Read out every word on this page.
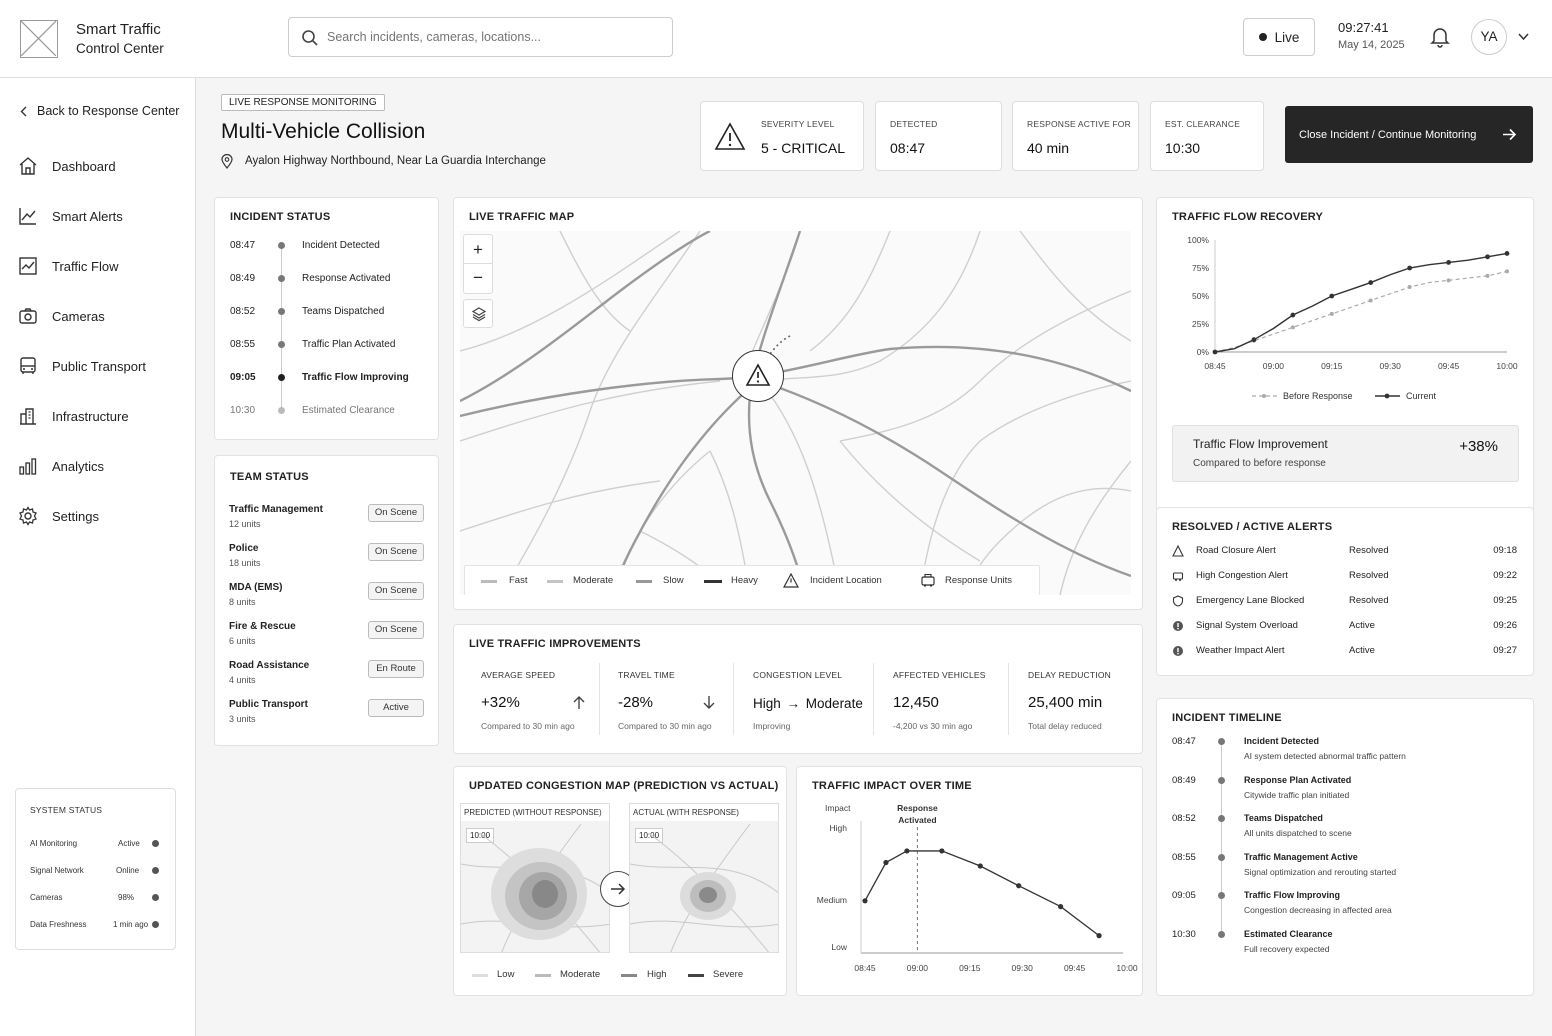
Smart Traffic
Control Center
Search incidents, cameras, locations...
Live
09:27:41
May 14, 2025
YA
Back to Response Center
Dashboard
Smart Alerts
Traffic Flow
Cameras
Public Transport
Infrastructure
Analytics
Settings
SYSTEM STATUS
AI Monitoring	Active
Signal Network	Online
Cameras	98%
Data Freshness	1 min ago
LIVE RESPONSE MONITORING
Multi-Vehicle Collision
Ayalon Highway Northbound, Near La Guardia Interchange
SEVERITY LEVEL
5 - CRITICAL
DETECTED
08:47
RESPONSE ACTIVE FOR
40 min
EST. CLEARANCE
10:30
Close Incident / Continue Monitoring
INCIDENT STATUS
08:47	Incident Detected
08:49	Response Activated
08:52	Teams Dispatched
08:55	Traffic Plan Activated
09:05	Traffic Flow Improving
10:30	Estimated Clearance
TEAM STATUS
Traffic Management
12 units
On Scene
Police
18 units
On Scene
MDA (EMS)
8 units
On Scene
Fire & Rescue
6 units
On Scene
Road Assistance
4 units
En Route
Public Transport
3 units
Active
LIVE TRAFFIC MAP
+
−
Fast	Moderate	Slow	Heavy	Incident Location	Response Units
LIVE TRAFFIC IMPROVEMENTS
AVERAGE SPEED
+32%
Compared to 30 min ago
TRAVEL TIME
-28%
Compared to 30 min ago
CONGESTION LEVEL
High → Moderate
Improving
AFFECTED VEHICLES
12,450
-4,200 vs 30 min ago
DELAY REDUCTION
25,400 min
Total delay reduced
UPDATED CONGESTION MAP (PREDICTION VS ACTUAL)
PREDICTED (WITHOUT RESPONSE)
10:00
ACTUAL (WITH RESPONSE)
10:00
Low	Moderate	High	Severe
TRAFFIC IMPACT OVER TIME
Impact
Low
Medium
High
08:45	09:00	09:15	09:30	09:45	10:00
Response
Activated
TRAFFIC FLOW RECOVERY
0%
25%
50%
75%
100%
08:45	09:00	09:15	09:30	09:45	10:00
Before Response	Current
Traffic Flow Improvement
Compared to before response
+38%
RESOLVED / ACTIVE ALERTS
Road Closure Alert	Resolved	09:18
High Congestion Alert	Resolved	09:22
Emergency Lane Blocked	Resolved	09:25
Signal System Overload	Active	09:26
Weather Impact Alert	Active	09:27
INCIDENT TIMELINE
08:47	Incident Detected
AI system detected abnormal traffic pattern
08:49	Response Plan Activated
Citywide traffic plan initiated
08:52	Teams Dispatched
All units dispatched to scene
08:55	Traffic Management Active
Signal optimization and rerouting started
09:05	Traffic Flow Improving
Congestion decreasing in affected area
10:30	Estimated Clearance
Full recovery expected
